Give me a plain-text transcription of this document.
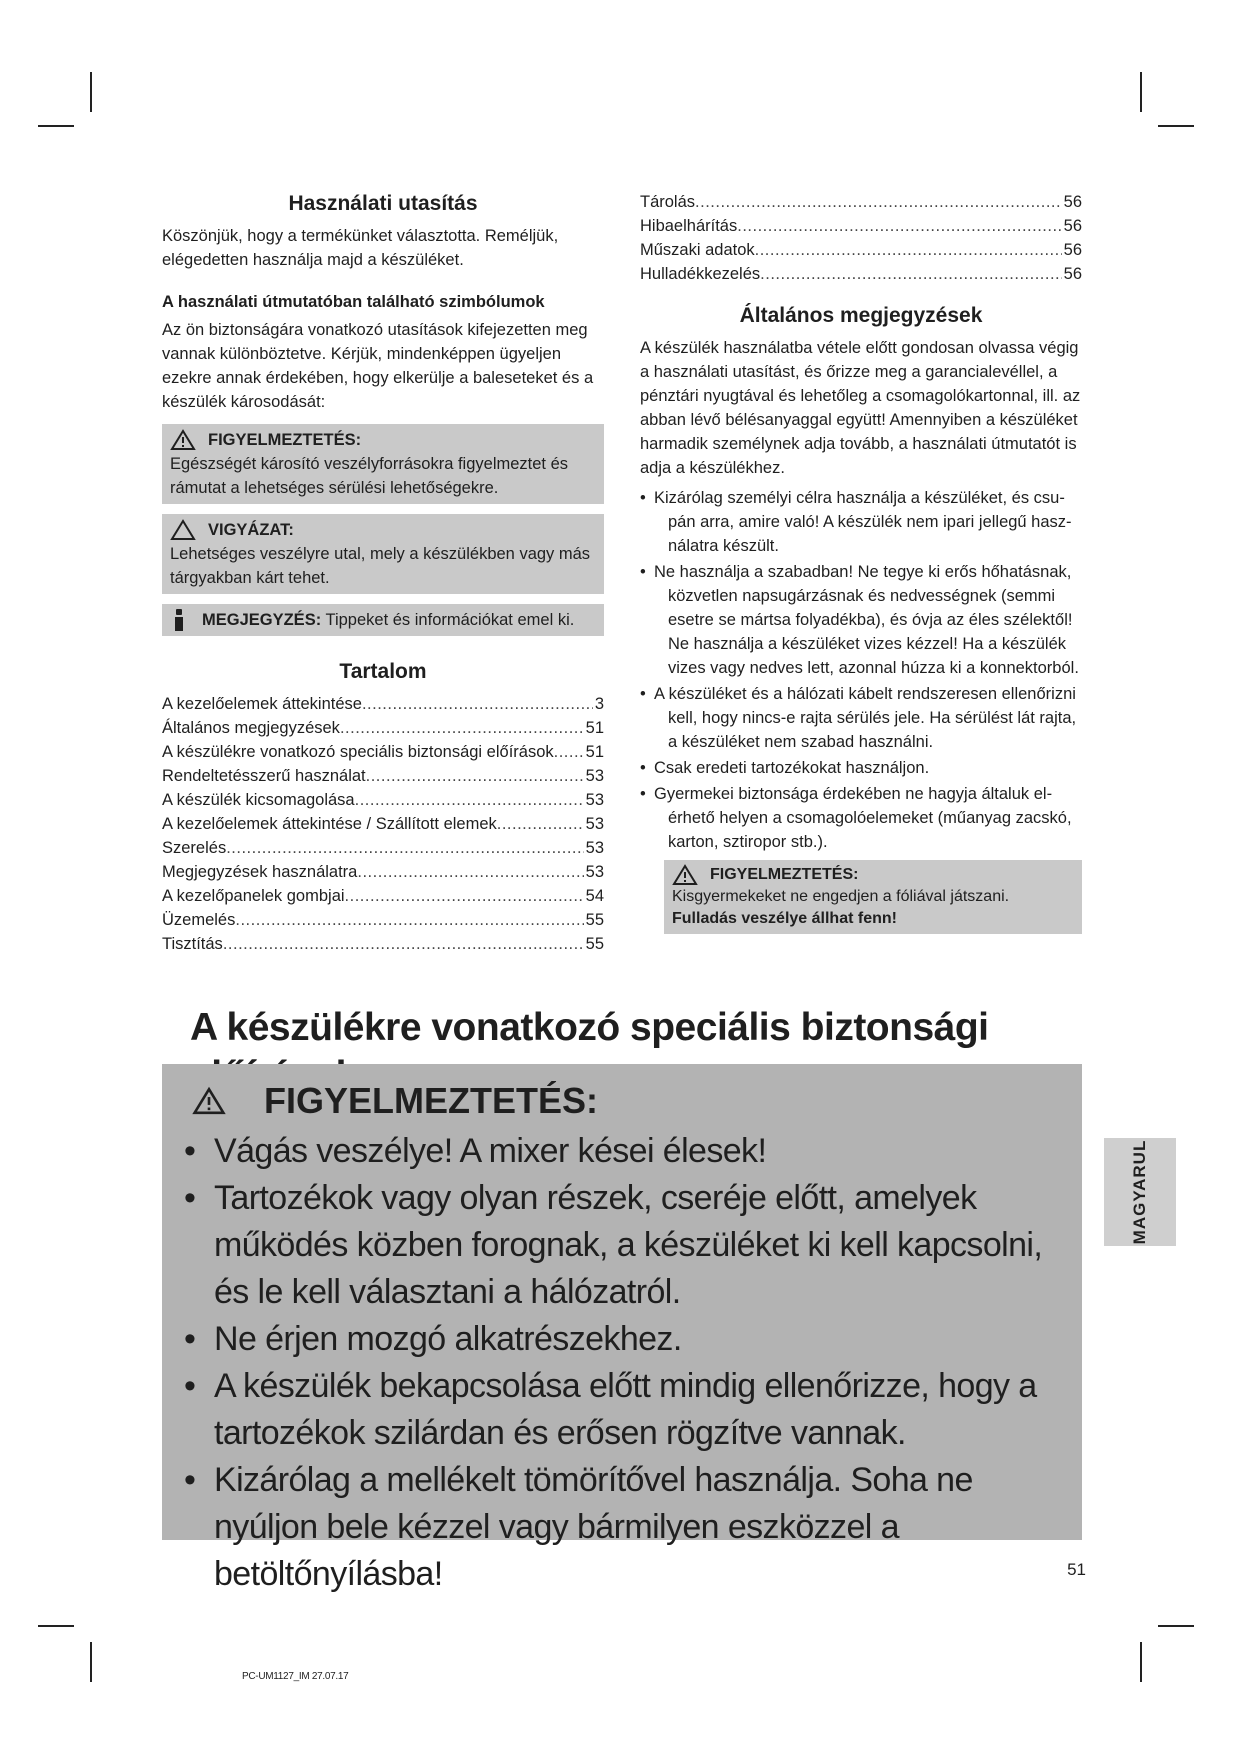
Használati utasítás

Köszönjük, hogy a termékünket választotta. Reméljük, elégedetten használja majd a készüléket.

A használati útmutatóban található szimbólumok

Az ön biztonságára vonatkozó utasítások kifejezetten meg vannak különböztetve. Kérjük, mindenképpen ügyeljen ezekre annak érdekében, hogy elkerülje a baleseteket és a készülék károsodását:

FIGYELMEZTETÉS:

Egészségét károsító veszélyforrásokra figyelmeztet és rámutat a lehetséges sérülési lehetőségekre.

VIGYÁZAT:

Lehetséges veszélyre utal, mely a készülékben vagy más tárgyakban kárt tehet.

MEGJEGYZÉS: Tippeket és információkat emel ki.
Tartalom
A kezelőelemek áttekintése .....	3
Általános megjegyzések .....	51
A készülékre vonatkozó speciális biztonsági előírások ..... 51
Rendeltetésszerű használat .....	53
A készülék kicsomagolása .....	53
A kezelőelemek áttekintése / Szállított elemek .....	53
Szerelés .....	53
Megjegyzések használatra .....	53
A kezelőpanelek gombjai .....	54
Üzemelés .....	55
Tisztítás .....	55
Tárolás .....	56
Hibaelhárítás .....	56
Műszaki adatok .....	56
Hulladékkezelés .....	56
Általános megjegyzések

A készülék használatba vétele előtt gondosan olvassa végig a használati utasítást, és őrizze meg a garancialevéllel, a pénztári nyugtával és lehetőleg a csomagolókartonnal, ill. az abban lévő bélésanyaggal együtt! Amennyiben a készüléket harmadik személynek adja tovább, a használati útmutatót is adja a készülékhez.

• Kizárólag személyi célra használja a készüléket, és csupán arra, amire való! A készülék nem ipari jellegű használatra készült.
• Ne használja a szabadban! Ne tegye ki erős hőhatásnak, közvetlen napsugárzásnak és nedvességnek (semmi esetre se mártsa folyadékba), és óvja az éles szélektől! Ne használja a készüléket vizes kézzel! Ha a készülék vizes vagy nedves lett, azonnal húzza ki a konnektorból.
• A készüléket és a hálózati kábelt rendszeresen ellenőrizni kell, hogy nincs-e rajta sérülés jele. Ha sérülést lát rajta, a készüléket nem szabad használni.
• Csak eredeti tartozékokat használjon.
• Gyermekei biztonsága érdekében ne hagyja általuk elérhető helyen a csomagolóelemeket (műanyag zacskó, karton, sztiropor stb.).
FIGYELMEZTETÉS:

Kisgyermekeket ne engedjen a fóliával játszani.

Fulladás veszélye állhat fenn!

A készülékre vonatkozó speciális biztonsági
FIGYELMEZTETÉS:
• Vágás veszélye! A mixer kései élesek!
• Tartozékok vagy olyan részek, cseréje előtt, amelyek működés közben forognak, a készüléket ki kell kapcsolni, és le kell választani a hálózatról.
• Ne érjen mozgó alkatrészekhez.
• A készülék bekapcsolása előtt mindig ellenőrizze, hogy a tartozékok szilárdan és erősen rögzítve vannak.
• Kizárólag a mellékelt tömörítővel használja. Soha ne nyúljon bele kézzel vagy bármilyen eszközzel a betöltőnyílásba!
MAGYARUL
51
PC-UM1127_IM 27.07.17
